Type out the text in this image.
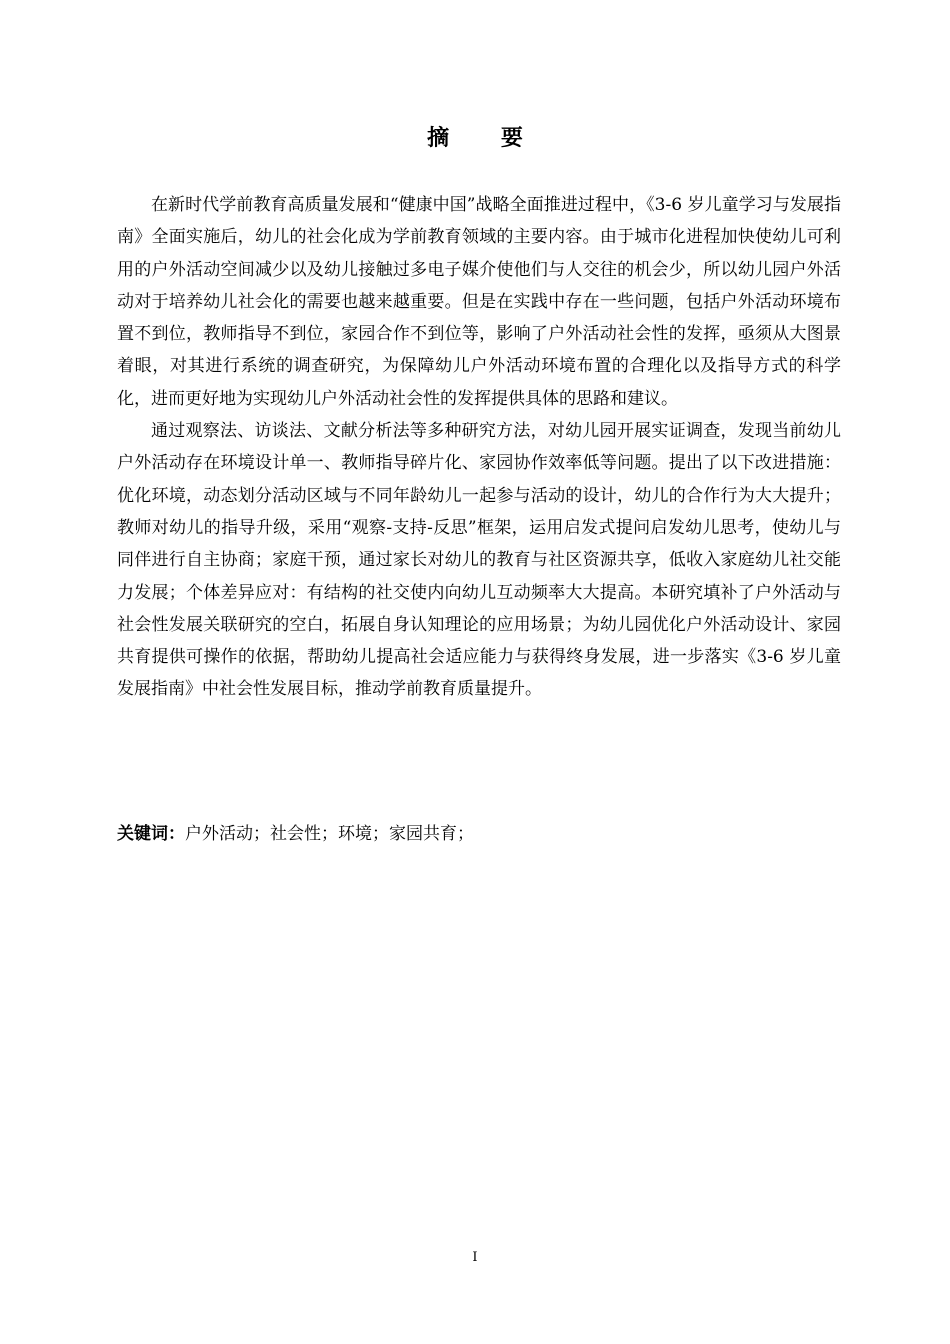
摘 要

在新时代学前教育高质量发展和“健康中国”战略全面推进过程中，《3-6 岁儿童学习与发展指南》全面实施后，幼儿的社会化成为学前教育领域的主要内容。由于城市化进程加快使幼儿可利用的户外活动空间减少以及幼儿接触过多电子媒介使他们与人交往的机会少，所以幼儿园户外活动对于培养幼儿社会化的需要也越来越重要。但是在实践中存在一些问题，包括户外活动环境布置不到位，教师指导不到位，家园合作不到位等，影响了户外活动社会性的发挥，亟须从大图景着眼，对其进行系统的调查研究，为保障幼儿户外活动环境布置的合理化以及指导方式的科学化，进而更好地为实现幼儿户外活动社会性的发挥提供具体的思路和建议。

通过观察法、访谈法、文献分析法等多种研究方法，对幼儿园开展实证调查，发现当前幼儿户外活动存在环境设计单一、教师指导碎片化、家园协作效率低等问题。提出了以下改进措施：优化环境，动态划分活动区域与不同年龄幼儿一起参与活动的设计，幼儿的合作行为大大提升；教师对幼儿的指导升级，采用“观察-支持-反思”框架，运用启发式提问启发幼儿思考，使幼儿与同伴进行自主协商；家庭干预，通过家长对幼儿的教育与社区资源共享，低收入家庭幼儿社交能力发展；个体差异应对：有结构的社交使内向幼儿互动频率大大提高。本研究填补了户外活动与社会性发展关联研究的空白，拓展自身认知理论的应用场景；为幼儿园优化户外活动设计、家园共育提供可操作的依据，帮助幼儿提高社会适应能力与获得终身发展，进一步落实《3-6 岁儿童发展指南》中社会性发展目标，推动学前教育质量提升。

关键词：户外活动；社会性；环境；家园共育；

I
